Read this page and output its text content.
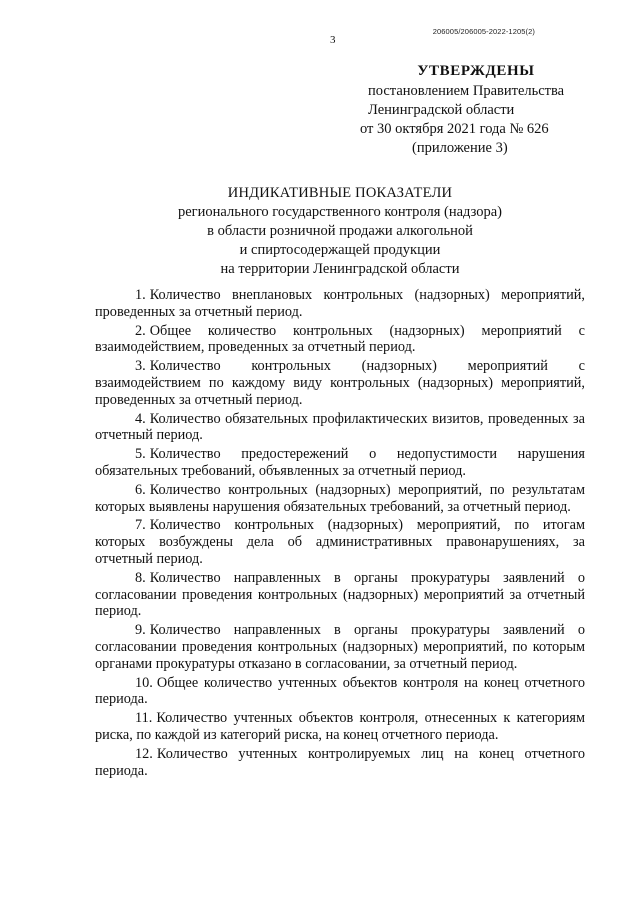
206005/206005-2022-1205(2)
3
УТВЕРЖДЕНЫ
постановлением Правительства
Ленинградской области
от 30 октября 2021 года № 626
(приложение 3)
ИНДИКАТИВНЫЕ ПОКАЗАТЕЛИ
регионального государственного контроля (надзора)
в области розничной продажи алкогольной
и спиртосодержащей продукции
на территории Ленинградской области

1. Количество внеплановых контрольных (надзорных) мероприятий, проведенных за отчетный период.

2. Общее количество контрольных (надзорных) мероприятий с взаимодействием, проведенных за отчетный период.

3. Количество контрольных (надзорных) мероприятий с взаимодействием по каждому виду контрольных (надзорных) мероприятий, проведенных за отчетный период.

4. Количество обязательных профилактических визитов, проведенных за отчетный период.

5. Количество предостережений о недопустимости нарушения обязательных требований, объявленных за отчетный период.

6. Количество контрольных (надзорных) мероприятий, по результатам которых выявлены нарушения обязательных требований, за отчетный период.

7. Количество контрольных (надзорных) мероприятий, по итогам которых возбуждены дела об административных правонарушениях, за отчетный период.

8. Количество направленных в органы прокуратуры заявлений о согласовании проведения контрольных (надзорных) мероприятий за отчетный период.

9. Количество направленных в органы прокуратуры заявлений о согласовании проведения контрольных (надзорных) мероприятий, по которым органами прокуратуры отказано в согласовании, за отчетный период.

10. Общее количество учтенных объектов контроля на конец отчетного периода.

11. Количество учтенных объектов контроля, отнесенных к категориям риска, по каждой из категорий риска, на конец отчетного периода.

12. Количество учтенных контролируемых лиц на конец отчетного периода.
